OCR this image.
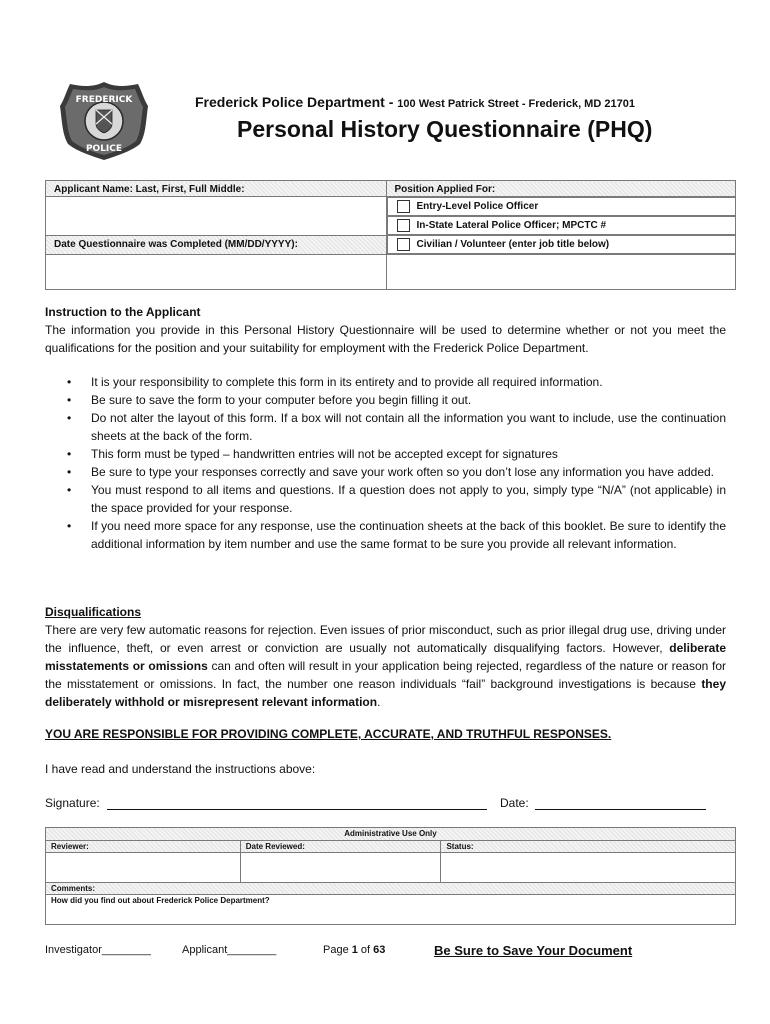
FREDERICK
POLICE
Frederick Police Department - 100 West Patrick Street - Frederick, MD 21701
Personal History Questionnaire (PHQ)
Applicant Name: Last, First, Full Middle:	Position Applied For:

Entry-Level Police Officer

In-State Lateral Police Officer; MPCTC #

Date Questionnaire was Completed (MM/DD/YYYY):		Civilian / Volunteer (enter job title below)

Instruction to the Applicant
The information you provide in this Personal History Questionnaire will be used to determine whether or not you meet the qualifications for the position and your suitability for employment with the Frederick Police Department.
• It is your responsibility to complete this form in its entirety and to provide all required information.
• Be sure to save the form to your computer before you begin filling it out.
• Do not alter the layout of this form. If a box will not contain all the information you want to include, use the continuation sheets at the back of the form.
• This form must be typed – handwritten entries will not be accepted except for signatures
• Be sure to type your responses correctly and save your work often so you don’t lose any information you have added.
• You must respond to all items and questions. If a question does not apply to you, simply type “N/A” (not applicable) in the space provided for your response.
• If you need more space for any response, use the continuation sheets at the back of this booklet. Be sure to identify the additional information by item number and use the same format to be sure you provide all relevant information.
Disqualifications
There are very few automatic reasons for rejection. Even issues of prior misconduct, such as prior illegal drug use, driving under the influence, theft, or even arrest or conviction are usually not automatically disqualifying factors. However, deliberate misstatements or omissions can and often will result in your application being rejected, regardless of the nature or reason for the misstatement or omissions. In fact, the number one reason individuals “fail” background investigations is because they deliberately withhold or misrepresent relevant information.
YOU ARE RESPONSIBLE FOR PROVIDING COMPLETE, ACCURATE, AND TRUTHFUL RESPONSES.
I have read and understand the instructions above:
Signature:	Date:
Administrative Use Only		
Reviewer:	Date Reviewed:	Status:

Comments:		
How did you find out about Frederick Police Department?		
Investigator________	Applicant________	Page 1 of 63	Be Sure to Save Your Document
